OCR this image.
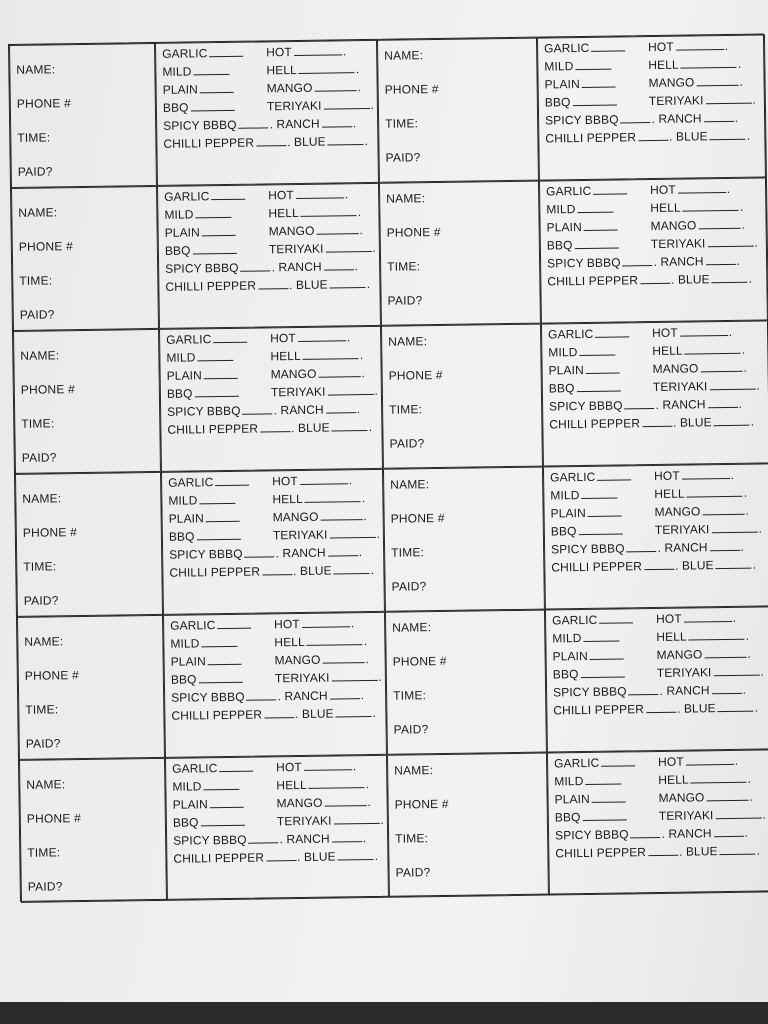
NAME:
PHONE #
TIME:
PAID?
GARLIC	HOT	.
MILD	HELL	.
PLAIN	MANGO	.
BBQ	TERIYAKI	.
SPICY BBBQ	. RANCH	.
CHILLI PEPPER	. BLUE	.
NAME:
PHONE #
TIME:
PAID?
GARLIC	HOT	.
MILD	HELL	.
PLAIN	MANGO	.
BBQ	TERIYAKI	.
SPICY BBBQ	. RANCH	.
CHILLI PEPPER	. BLUE	.
NAME:
PHONE #
TIME:
PAID?
GARLIC	HOT	.
MILD	HELL	.
PLAIN	MANGO	.
BBQ	TERIYAKI	.
SPICY BBBQ	. RANCH	.
CHILLI PEPPER	. BLUE	.
NAME:
PHONE #
TIME:
PAID?
GARLIC	HOT	.
MILD	HELL	.
PLAIN	MANGO	.
BBQ	TERIYAKI	.
SPICY BBBQ	. RANCH	.
CHILLI PEPPER	. BLUE	.
NAME:
PHONE #
TIME:
PAID?
GARLIC	HOT	.
MILD	HELL	.
PLAIN	MANGO	.
BBQ	TERIYAKI	.
SPICY BBBQ	. RANCH	.
CHILLI PEPPER	. BLUE	.
NAME:
PHONE #
TIME:
PAID?
GARLIC	HOT	.
MILD	HELL	.
PLAIN	MANGO	.
BBQ	TERIYAKI	.
SPICY BBBQ	. RANCH	.
CHILLI PEPPER	. BLUE	.
NAME:
PHONE #
TIME:
PAID?
GARLIC	HOT	.
MILD	HELL	.
PLAIN	MANGO	.
BBQ	TERIYAKI	.
SPICY BBBQ	. RANCH	.
CHILLI PEPPER	. BLUE	.
NAME:
PHONE #
TIME:
PAID?
GARLIC	HOT	.
MILD	HELL	.
PLAIN	MANGO	.
BBQ	TERIYAKI	.
SPICY BBBQ	. RANCH	.
CHILLI PEPPER	. BLUE	.
NAME:
PHONE #
TIME:
PAID?
GARLIC	HOT	.
MILD	HELL	.
PLAIN	MANGO	.
BBQ	TERIYAKI	.
SPICY BBBQ	. RANCH	.
CHILLI PEPPER	. BLUE	.
NAME:
PHONE #
TIME:
PAID?
GARLIC	HOT	.
MILD	HELL	.
PLAIN	MANGO	.
BBQ	TERIYAKI	.
SPICY BBBQ	. RANCH	.
CHILLI PEPPER	. BLUE	.
NAME:
PHONE #
TIME:
PAID?
GARLIC	HOT	.
MILD	HELL	.
PLAIN	MANGO	.
BBQ	TERIYAKI	.
SPICY BBBQ	. RANCH	.
CHILLI PEPPER	. BLUE	.
NAME:
PHONE #
TIME:
PAID?
GARLIC	HOT	.
MILD	HELL	.
PLAIN	MANGO	.
BBQ	TERIYAKI	.
SPICY BBBQ	. RANCH	.
CHILLI PEPPER	. BLUE	.
